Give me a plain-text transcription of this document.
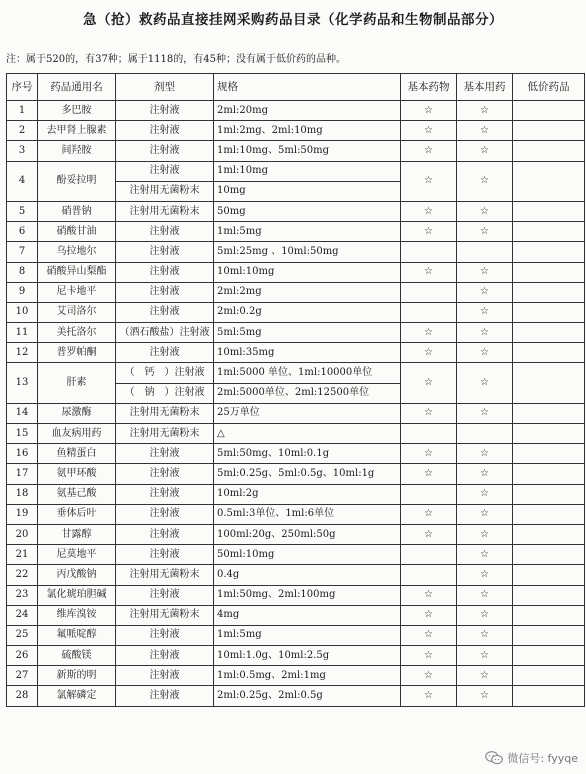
急（抢）救药品直接挂网采购药品目录（化学药品和生物制品部分）
注：属于520的，有37种；属于1118的，有45种；没有属于低价药的品种。
序号	药品通用名	剂型	规格	基本药物	基本用药	低价药品
1	多巴胺	注射液	2ml:20mg	☆	☆	
2	去甲肾上腺素	注射液	1ml:2mg、2ml:10mg	☆	☆	
3	间羟胺	注射液	1ml:10mg、5ml:50mg	☆	☆	
4	酚妥拉明	注射液	1ml:10mg	☆	☆	
		注射用无菌粉末	10mg			
5	硝普钠	注射用无菌粉末	50mg	☆	☆	
6	硝酸甘油	注射液	1ml:5mg	☆	☆	
7	乌拉地尔	注射液	5ml:25mg 、10ml:50mg			
8	硝酸异山梨酯	注射液	10ml:10mg	☆	☆	
9	尼卡地平	注射液	2ml:2mg		☆	
10	艾司洛尔	注射液	2ml:0.2g		☆	
11	美托洛尔	（酒石酸盐）注射液	5ml:5mg	☆	☆	
12	普罗帕酮	注射液	10ml:35mg	☆	☆	
13	肝素	（　钙　）注射液	1ml:5000 单位、1ml:10000单位	☆	☆	
		（　钠　）注射液	2ml:5000单位、2ml:12500单位			
14	尿激酶	注射用无菌粉末	25万单位	☆	☆	
15	血友病用药	注射用无菌粉末	△			
16	鱼精蛋白	注射液	5ml:50mg、10ml:0.1g	☆	☆	
17	氨甲环酸	注射液	5ml:0.25g、5ml:0.5g、10ml:1g	☆	☆	
18	氨基己酸	注射液	10ml:2g		☆	
19	垂体后叶	注射液	0.5ml:3单位、1ml:6单位	☆	☆	
20	甘露醇	注射液	100ml:20g、250ml:50g	☆	☆	
21	尼莫地平	注射液	50ml:10mg		☆	
22	丙戊酸钠	注射用无菌粉末	0.4g		☆	
23	氯化琥珀胆碱	注射液	1ml:50mg、2ml:100mg	☆	☆	
24	维库溴铵	注射用无菌粉末	4mg	☆	☆	
25	氟哌啶醇	注射液	1ml:5mg	☆	☆	
26	硫酸镁	注射液	10ml:1.0g、10ml:2.5g	☆	☆	
27	新斯的明	注射液	1ml:0.5mg、2ml:1mg	☆	☆	
28	氯解磷定	注射液	2ml:0.25g、2ml:0.5g	☆	☆	
微信号: fyyqe
